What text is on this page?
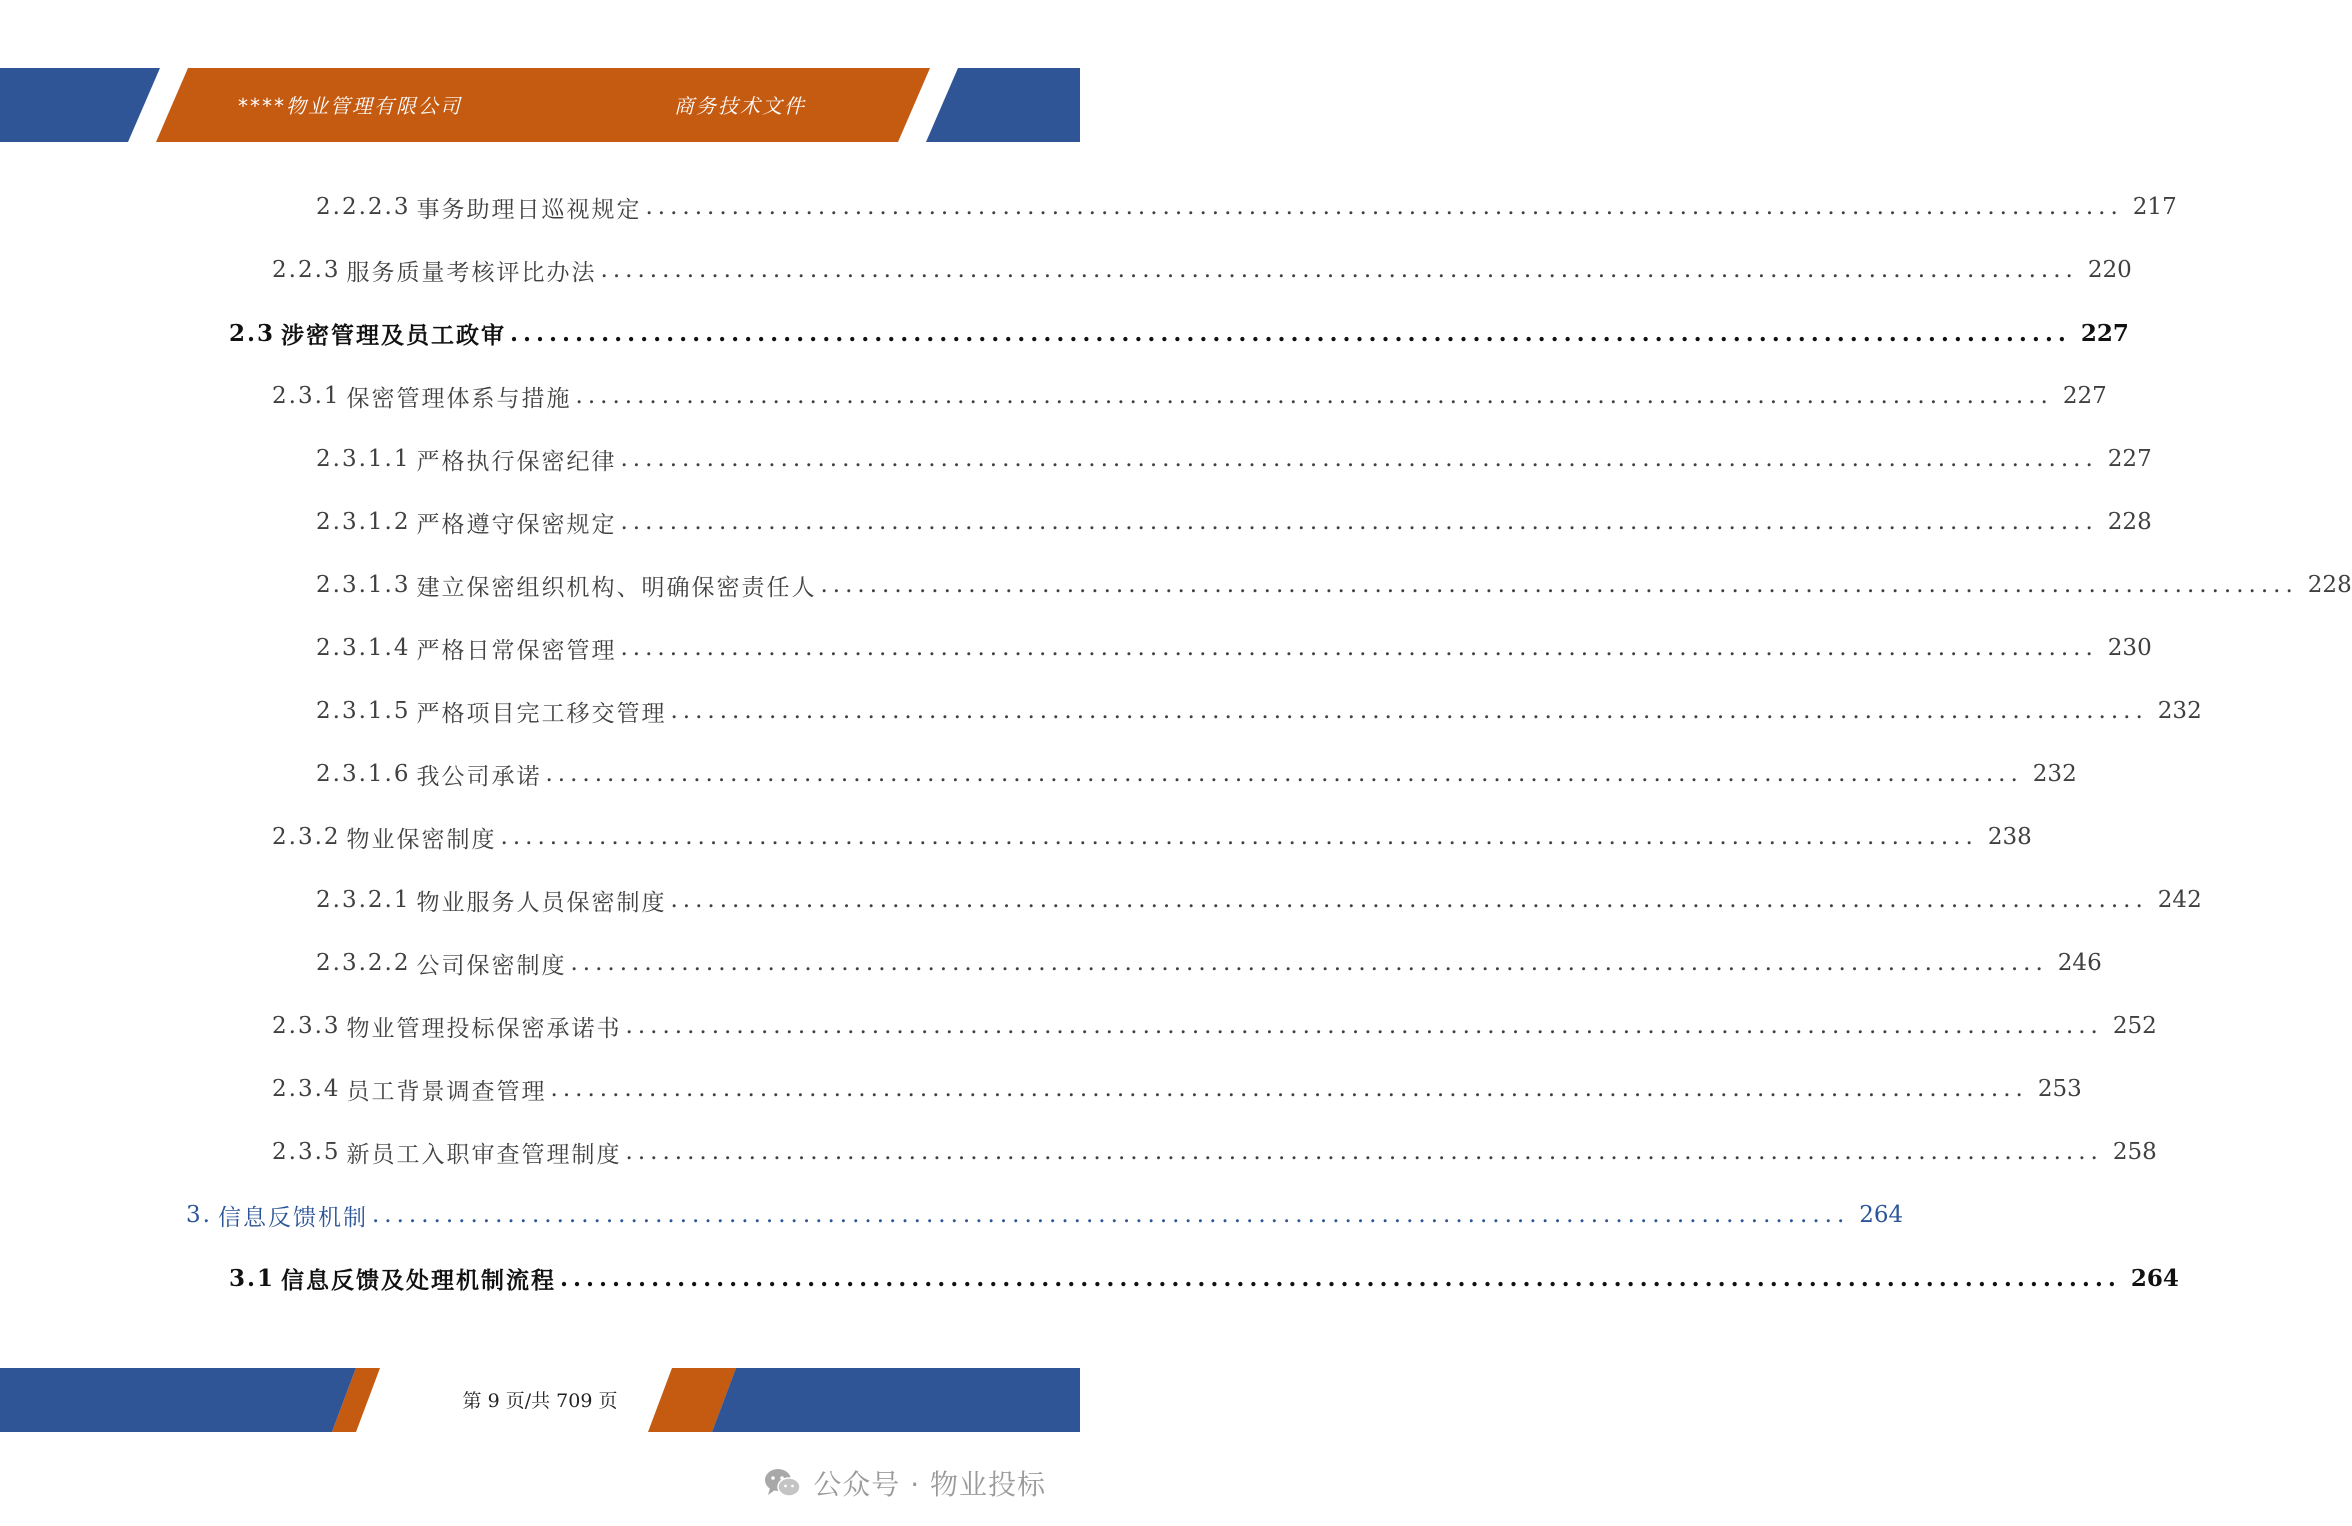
****物业管理有限公司	商务技术文件
2.2.2.3 事务助理日巡视规定 ........................................................................................................................ 217
2.2.3 服务质量考核评比办法 ........................................................................................................................ 220
2.3 涉密管理及员工政审 ........................................................................................................................ 227
2.3.1 保密管理体系与措施 ........................................................................................................................ 227
2.3.1.1 严格执行保密纪律 ........................................................................................................................ 227
2.3.1.2 严格遵守保密规定 ........................................................................................................................ 228
2.3.1.3 建立保密组织机构、明确保密责任人 ........................................................................................................................ 228
2.3.1.4 严格日常保密管理 ........................................................................................................................ 230
2.3.1.5 严格项目完工移交管理 ........................................................................................................................ 232
2.3.1.6 我公司承诺 ........................................................................................................................ 232
2.3.2 物业保密制度 ........................................................................................................................ 238
2.3.2.1 物业服务人员保密制度 ........................................................................................................................ 242
2.3.2.2 公司保密制度 ........................................................................................................................ 246
2.3.3 物业管理投标保密承诺书 ........................................................................................................................ 252
2.3.4 员工背景调查管理 ........................................................................................................................ 253
2.3.5 新员工入职审查管理制度 ........................................................................................................................ 258
3. 信息反馈机制 ........................................................................................................................ 264
3.1 信息反馈及处理机制流程 ........................................................................................................................ 264
第 9 页/共 709 页
公众号 · 物业投标
